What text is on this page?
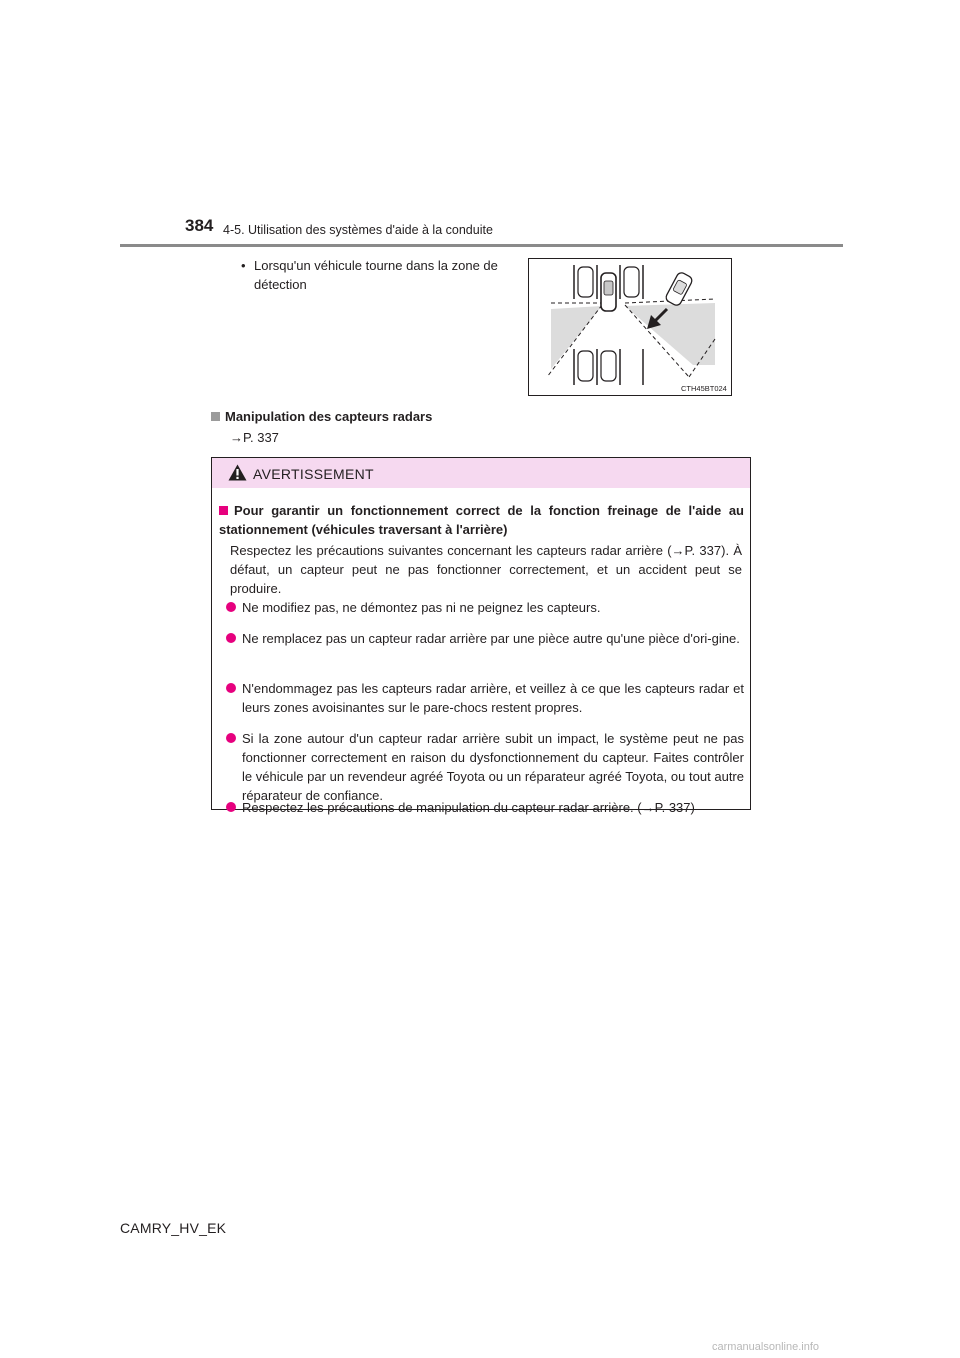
384 4-5. Utilisation des systèmes d'aide à la conduite
• Lorsqu'un véhicule tourne dans la zone de détection
CTH45BT024
Manipulation des capteurs radars
→P. 337
AVERTISSEMENT
Pour garantir un fonctionnement correct de la fonction freinage de l'aide au stationnement (véhicules traversant à l'arrière)
Respectez les précautions suivantes concernant les capteurs radar arrière (→P. 337). À défaut, un capteur peut ne pas fonctionner correctement, et un accident peut se produire.
Ne modifiez pas, ne démontez pas ni ne peignez les capteurs.
Ne remplacez pas un capteur radar arrière par une pièce autre qu'une pièce d'ori-gine.
N'endommagez pas les capteurs radar arrière, et veillez à ce que les capteurs radar et leurs zones avoisinantes sur le pare-chocs restent propres.
Si la zone autour d'un capteur radar arrière subit un impact, le système peut ne pas fonctionner correctement en raison du dysfonctionnement du capteur. Faites contrôler le véhicule par un revendeur agréé Toyota ou un réparateur agréé Toyota, ou tout autre réparateur de confiance.
Respectez les précautions de manipulation du capteur radar arrière. (→P. 337)
CAMRY_HV_EK
carmanualsonline.info
